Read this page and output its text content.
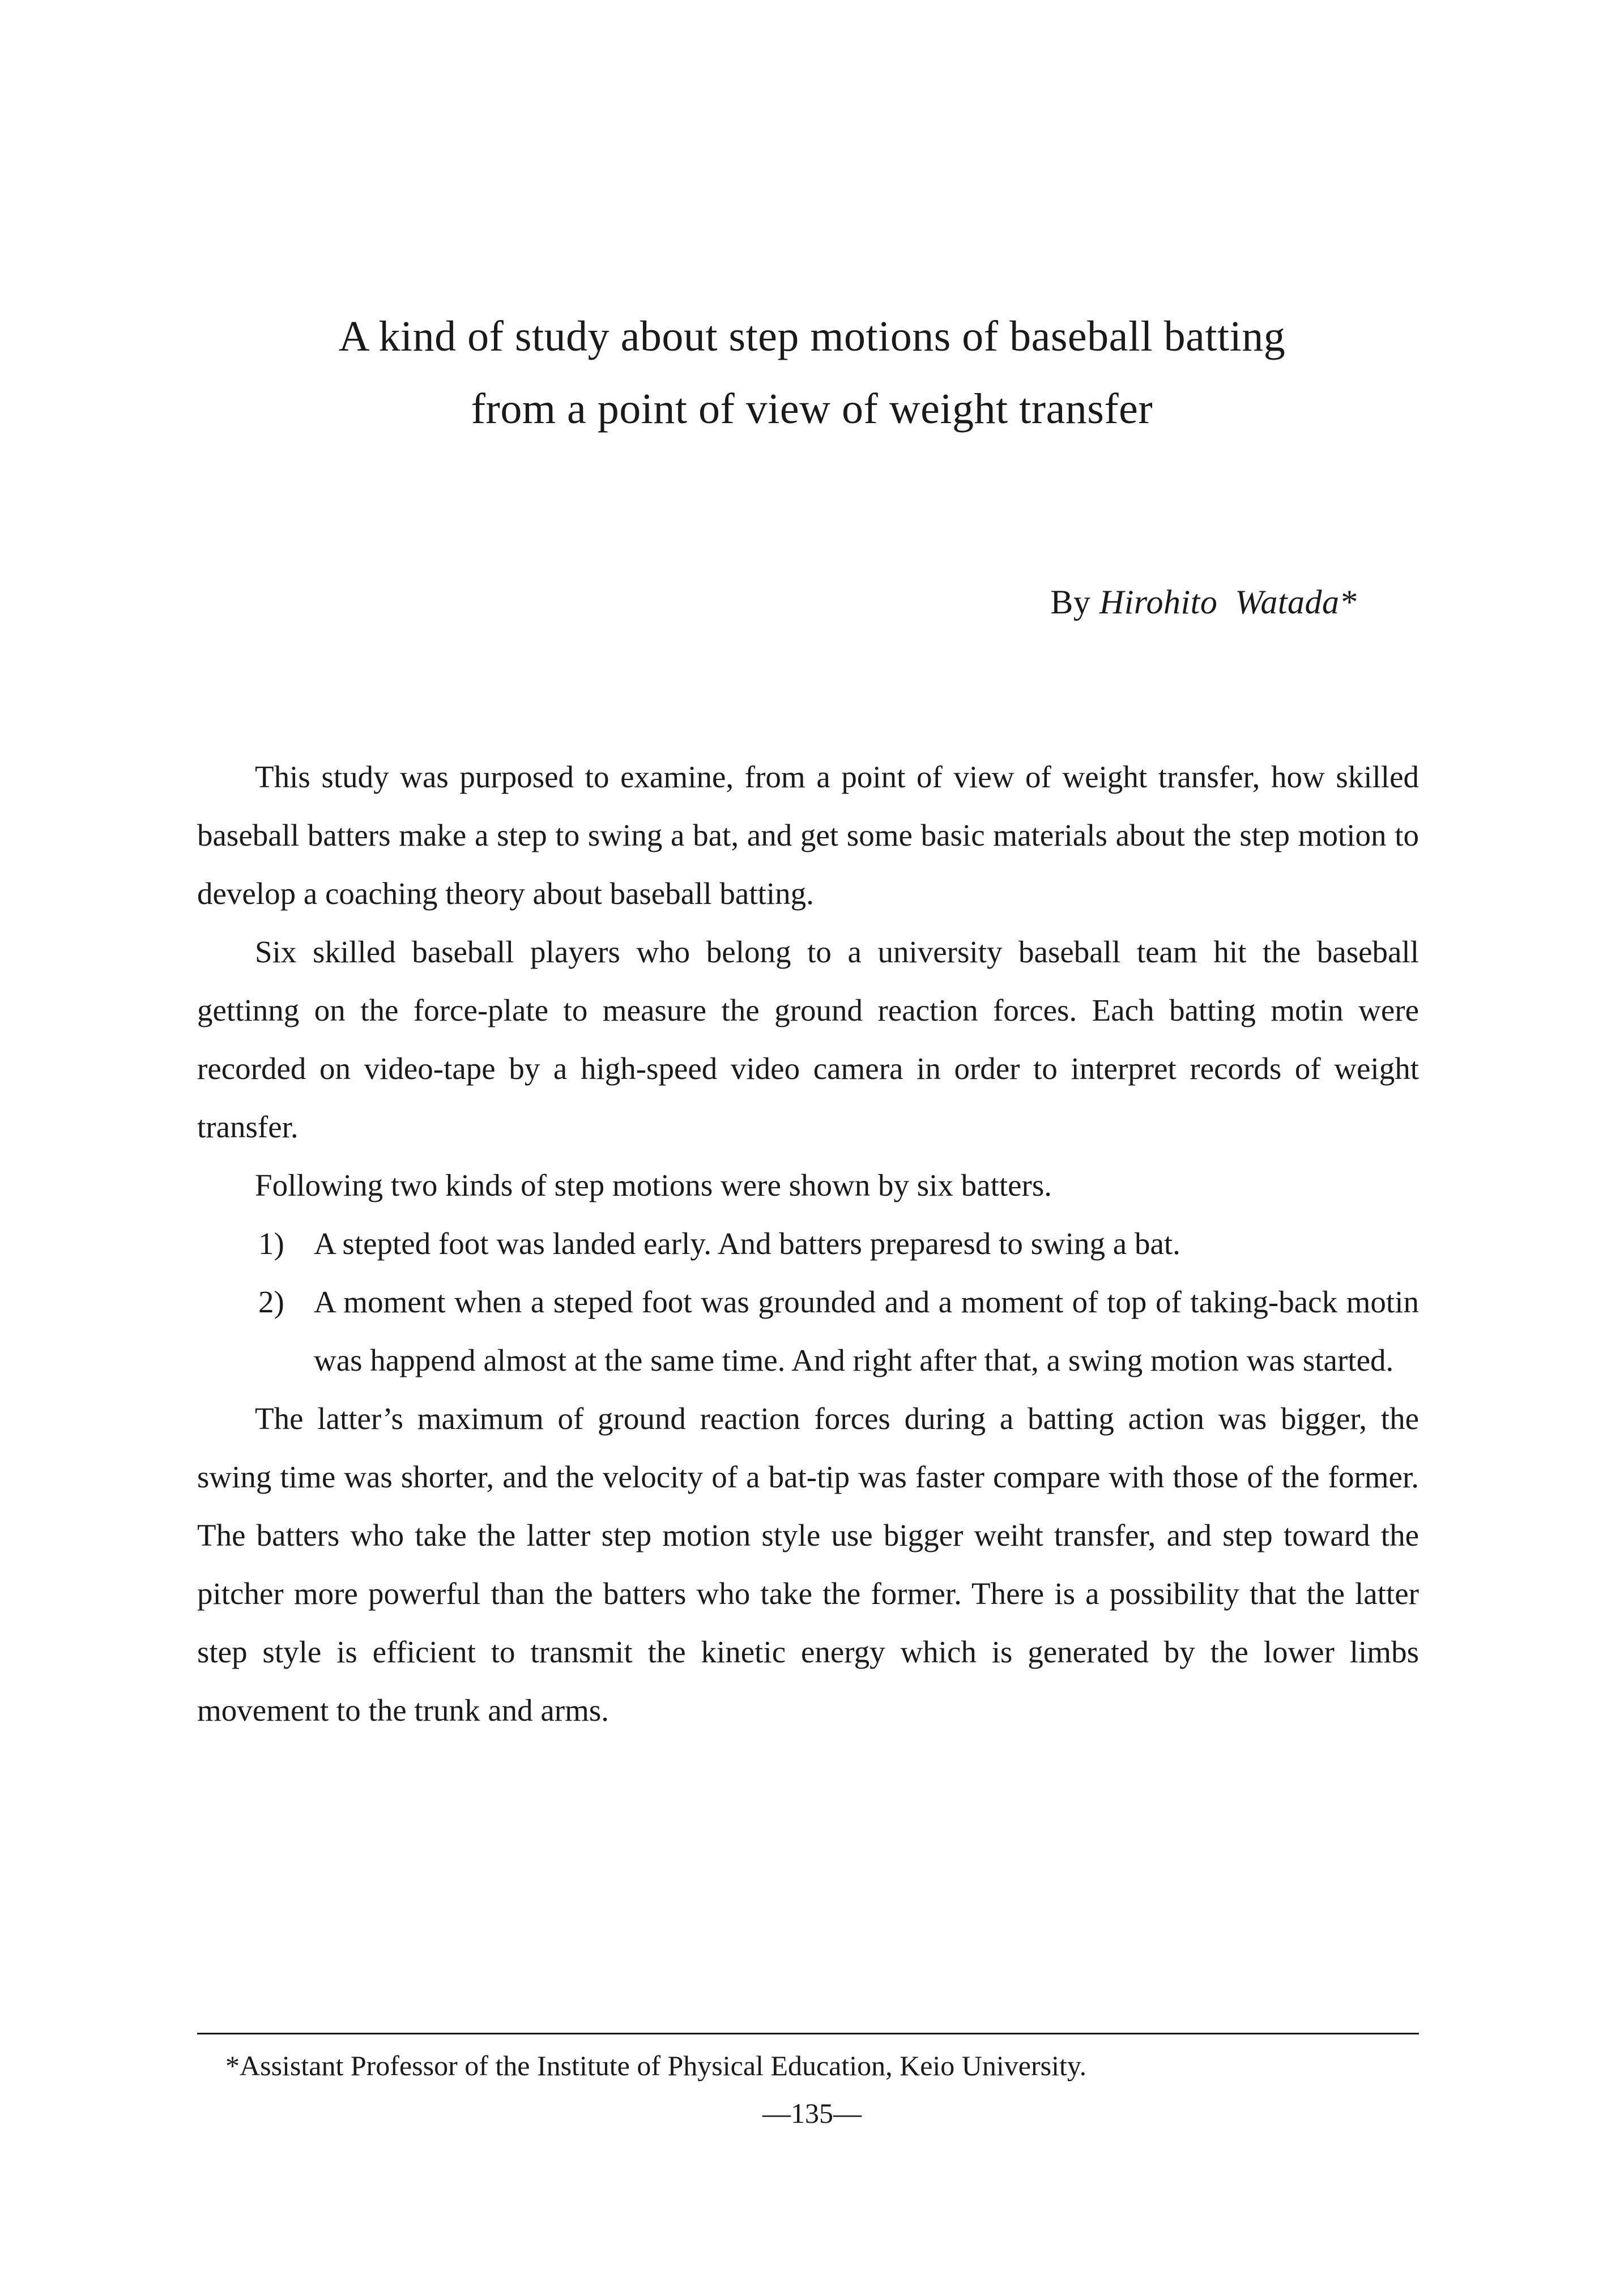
A kind of study about step motions of baseball batting
from a point of view of weight transfer
By Hirohito  Watada*

This study was purposed to examine, from a point of view of weight transfer, how skilled baseball batters make a step to swing a bat, and get some basic materials about the step motion to develop a coaching theory about baseball batting.

Six skilled baseball players who belong to a university baseball team hit the baseball gettinng on the force-plate to measure the ground reaction forces. Each batting motin were recorded on video-tape by a high-speed video camera in order to interpret records of weight transfer.

Following two kinds of step motions were shown by six batters.

1) A stepted foot was landed early. And batters preparesd to swing a bat.
2) A moment when a steped foot was grounded and a moment of top of taking-back motin was happend almost at the same time. And right after that, a swing motion was started.

The latter’s maximum of ground reaction forces during a batting action was bigger, the swing time was shorter, and the velocity of a bat-tip was faster compare with those of the former. The batters who take the latter step motion style use bigger weiht transfer, and step toward the pitcher more powerful than the batters who take the former. There is a possibility that the latter step style is efficient to transmit the kinetic energy which is generated by the lower limbs movement to the trunk and arms.

*Assistant Professor of the Institute of Physical Education, Keio University.
—135—
